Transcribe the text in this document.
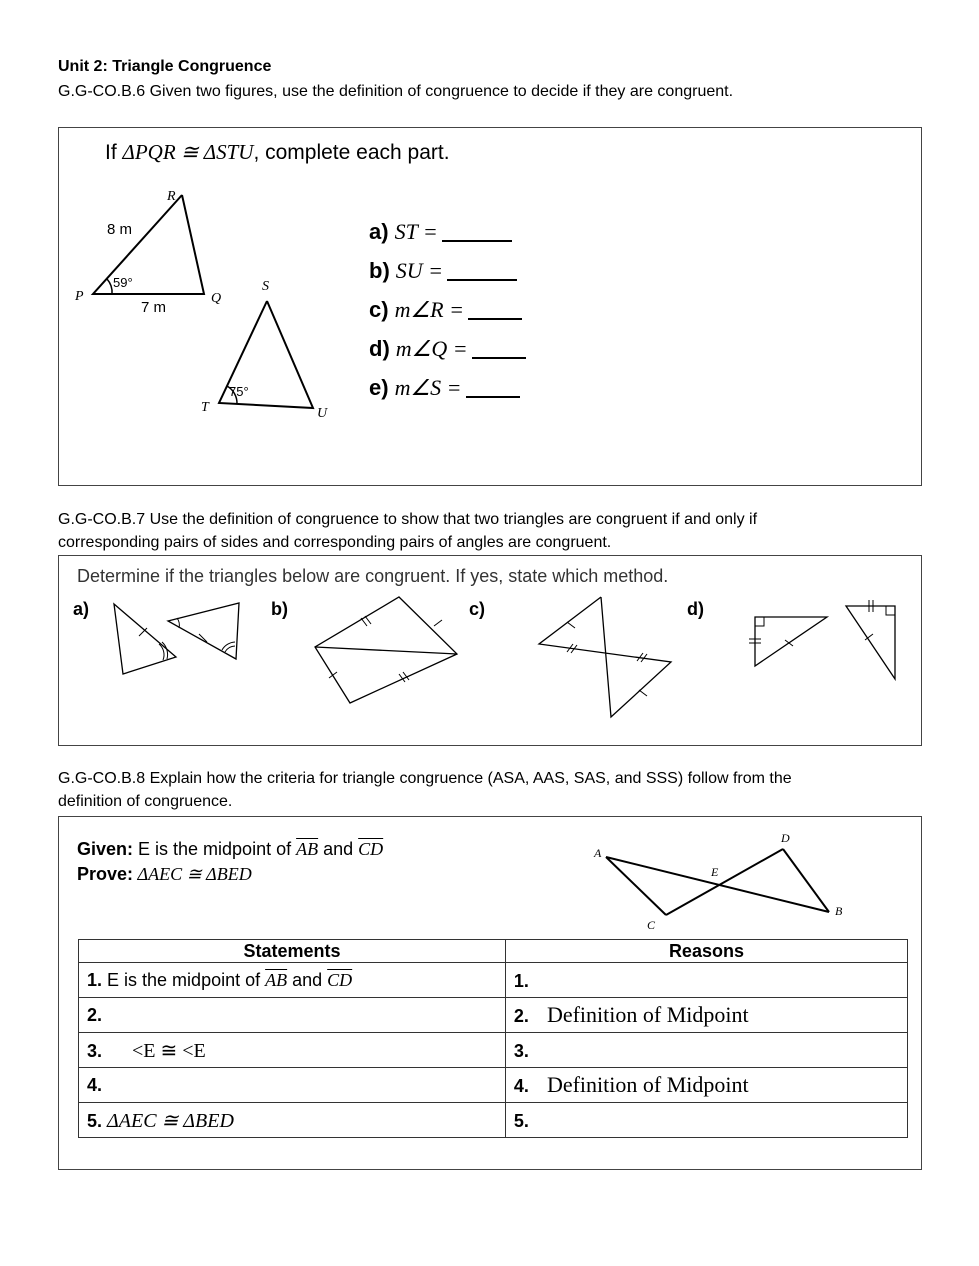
Unit 2: Triangle Congruence
G.G-CO.B.6 Given two figures, use the definition of congruence to decide if they are congruent.
If ΔPQR ≅ ΔSTU, complete each part.
R
P	Q
8 m
7 m
59°	S
T	U
75°
a) ST =
b) SU =
c) m∠R =
d) m∠Q =
e) m∠S =
G.G-CO.B.7 Use the definition of congruence to show that two triangles are congruent if and only if
corresponding pairs of sides and corresponding pairs of angles are congruent.
Determine if the triangles below are congruent. If yes, state which method.
a)	b)	c)	d)
G.G-CO.B.8 Explain how the criteria for triangle congruence (ASA, AAS, SAS, and SSS) follow from the
definition of congruence.
Given: E is the midpoint of $\overline{AB}$ and $\overline{CD}$
Prove: ΔAEC ≅ ΔBED
A
B
C
D
E
Statements	Reasons
1. E is the midpoint of $\overline{AB}$ and $\overline{CD}$	1.
2.	2. Definition of Midpoint
3. <E ≅ <E	3.
4.	4. Definition of Midpoint
5. ΔAEC ≅ ΔBED	5.
